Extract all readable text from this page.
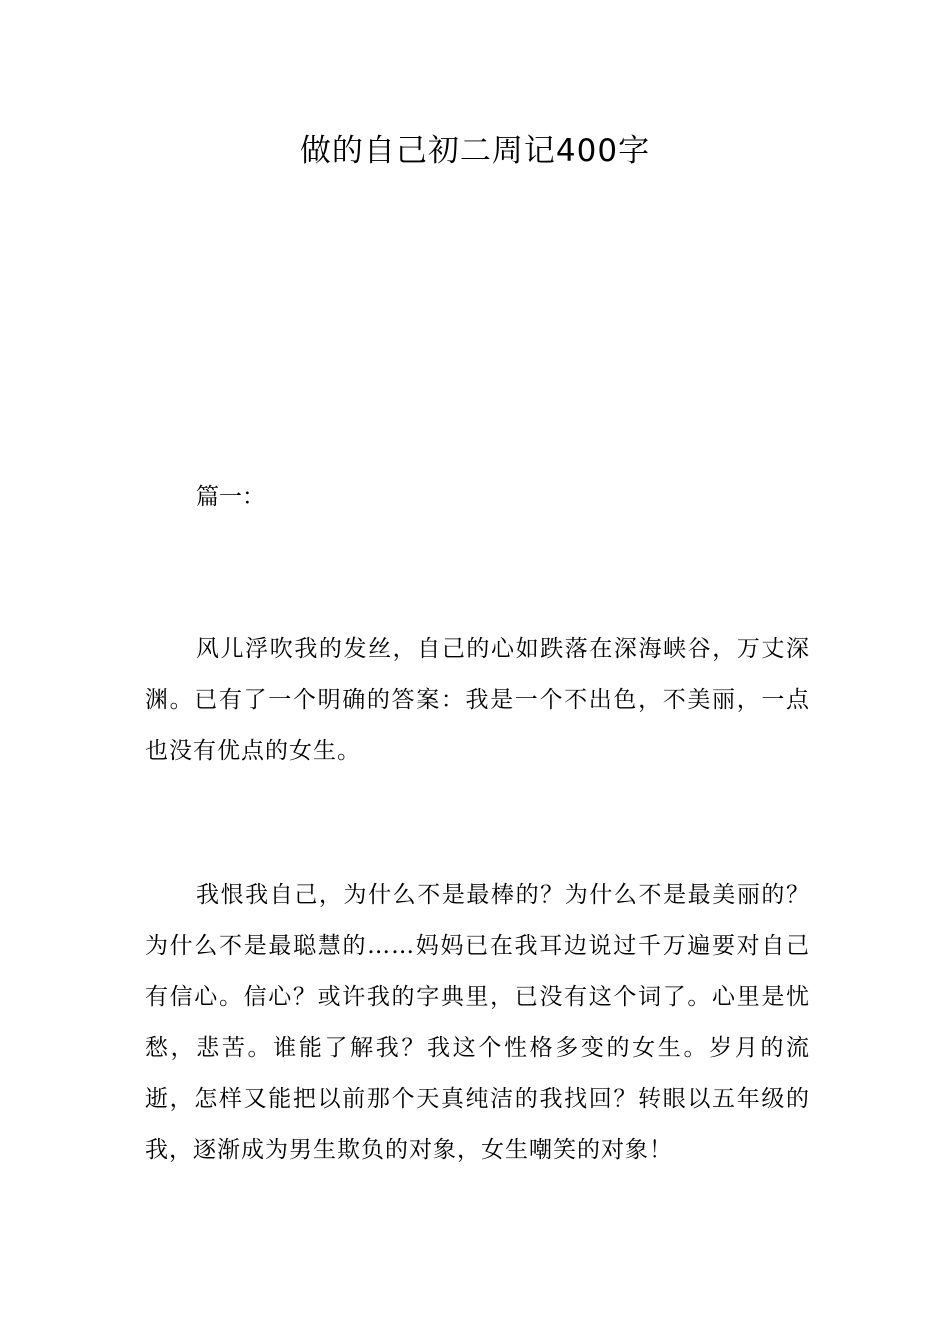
做的自己初二周记400字

篇一：

风儿浮吹我的发丝，自己的心如跌落在深海峡谷，万丈深渊。已有了一个明确的答案：我是一个不出色，不美丽，一点也没有优点的女生。

我恨我自己，为什么不是最棒的？为什么不是最美丽的？为什么不是最聪慧的……妈妈已在我耳边说过千万遍要对自己有信心。信心？或许我的字典里，已没有这个词了。心里是忧愁，悲苦。谁能了解我？我这个性格多变的女生。岁月的流逝，怎样又能把以前那个天真纯洁的我找回？转眼以五年级的我，逐渐成为男生欺负的对象，女生嘲笑的对象！
